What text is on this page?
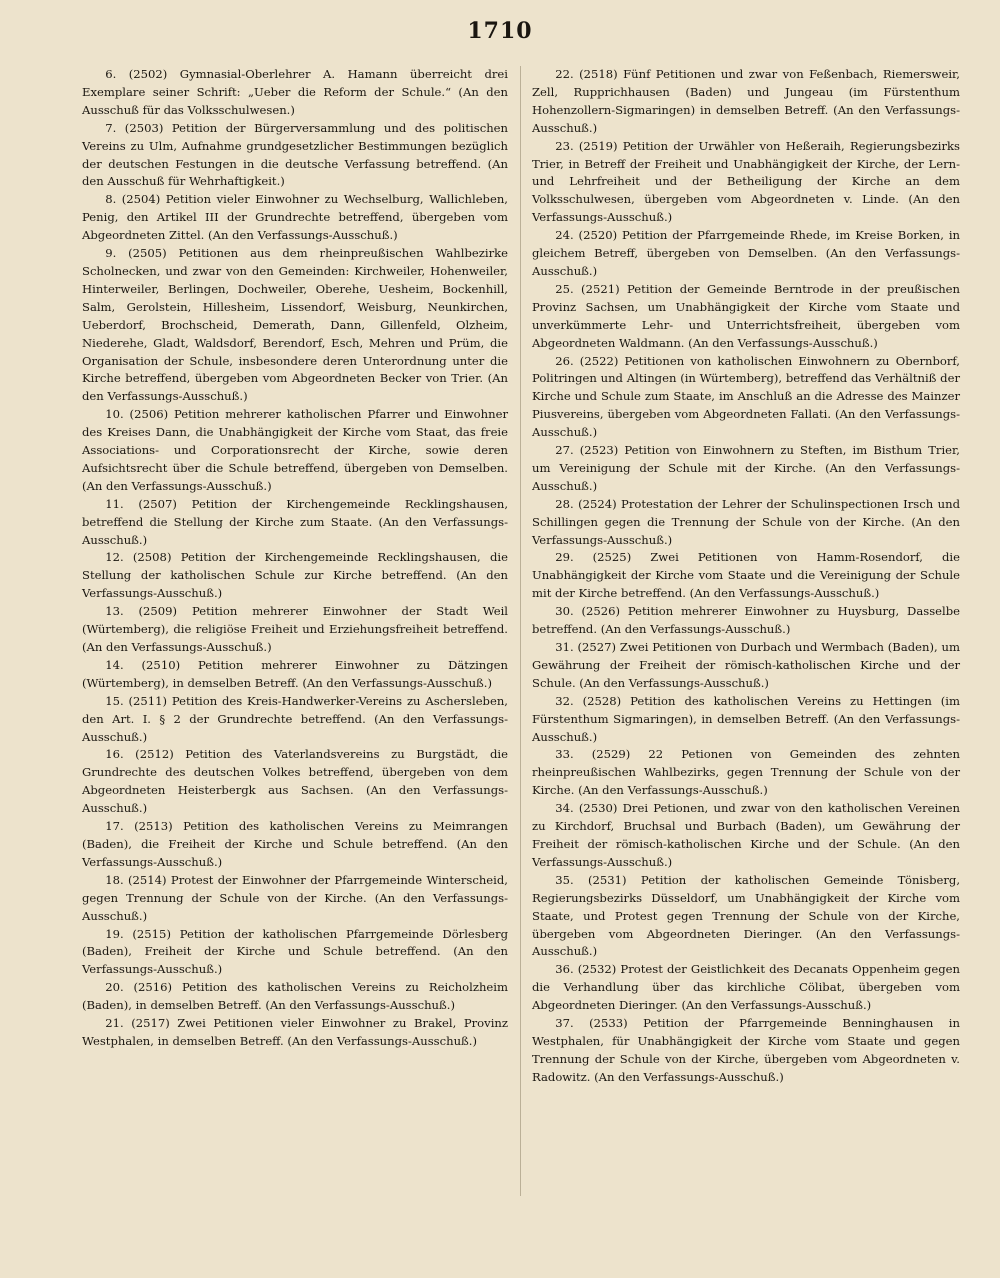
1710

6. (2502) Gymnasial-Oberlehrer A. Hamann überreicht drei Exemplare seiner Schrift: „Ueber die Reform der Schule.“ (An den Ausschuß für das Volksschulwesen.)

7. (2503) Petition der Bürgerversammlung und des politischen Vereins zu Ulm, Aufnahme grundgesetzlicher Bestimmungen bezüglich der deutschen Festungen in die deutsche Verfassung betreffend. (An den Ausschuß für Wehrhaftigkeit.)

8. (2504) Petition vieler Einwohner zu Wechselburg, Wallichleben, Penig, den Artikel III der Grundrechte betreffend, übergeben vom Abgeordneten Zittel. (An den Verfassungs-Ausschuß.)

9. (2505) Petitionen aus dem rheinpreußischen Wahlbezirke Scholnecken, und zwar von den Gemeinden: Kirchweiler, Hohenweiler, Hinterweiler, Berlingen, Dochweiler, Oberehe, Uesheim, Bockenhill, Salm, Gerolstein, Hillesheim, Lissendorf, Weisburg, Neunkirchen, Ueberdorf, Brochscheid, Demerath, Dann, Gillenfeld, Olzheim, Niederehe, Gladt, Waldsdorf, Berendorf, Esch, Mehren und Prüm, die Organisation der Schule, insbesondere deren Unterordnung unter die Kirche betreffend, übergeben vom Abgeordneten Becker von Trier. (An den Verfassungs-Ausschuß.)

10. (2506) Petition mehrerer katholischen Pfarrer und Einwohner des Kreises Dann, die Unabhängigkeit der Kirche vom Staat, das freie Associations- und Corporationsrecht der Kirche, sowie deren Aufsichtsrecht über die Schule betreffend, übergeben von Demselben. (An den Verfassungs-Ausschuß.)

11. (2507) Petition der Kirchengemeinde Recklingshausen, betreffend die Stellung der Kirche zum Staate. (An den Verfassungs-Ausschuß.)

12. (2508) Petition der Kirchengemeinde Recklingshausen, die Stellung der katholischen Schule zur Kirche betreffend. (An den Verfassungs-Ausschuß.)

13. (2509) Petition mehrerer Einwohner der Stadt Weil (Würtemberg), die religiöse Freiheit und Erziehungsfreiheit betreffend. (An den Verfassungs-Ausschuß.)

14. (2510) Petition mehrerer Einwohner zu Dätzingen (Würtemberg), in demselben Betreff. (An den Verfassungs-Ausschuß.)

15. (2511) Petition des Kreis-Handwerker-Vereins zu Aschersleben, den Art. I. § 2 der Grundrechte betreffend. (An den Verfassungs-Ausschuß.)

16. (2512) Petition des Vaterlandsvereins zu Burgstädt, die Grundrechte des deutschen Volkes betreffend, übergeben von dem Abgeordneten Heisterbergk aus Sachsen. (An den Verfassungs-Ausschuß.)

17. (2513) Petition des katholischen Vereins zu Meimrangen (Baden), die Freiheit der Kirche und Schule betreffend. (An den Verfassungs-Ausschuß.)

18. (2514) Protest der Einwohner der Pfarrgemeinde Winterscheid, gegen Trennung der Schule von der Kirche. (An den Verfassungs-Ausschuß.)

19. (2515) Petition der katholischen Pfarrgemeinde Dörlesberg (Baden), Freiheit der Kirche und Schule betreffend. (An den Verfassungs-Ausschuß.)

20. (2516) Petition des katholischen Vereins zu Reicholzheim (Baden), in demselben Betreff. (An den Verfassungs-Ausschuß.)

21. (2517) Zwei Petitionen vieler Einwohner zu Brakel, Provinz Westphalen, in demselben Betreff. (An den Verfassungs-Ausschuß.)

22. (2518) Fünf Petitionen und zwar von Feßenbach, Riemersweir, Zell, Rupprichhausen (Baden) und Jungeau (im Fürstenthum Hohenzollern-Sigmaringen) in demselben Betreff. (An den Verfassungs-Ausschuß.)

23. (2519) Petition der Urwähler von Heßeraih, Regierungsbezirks Trier, in Betreff der Freiheit und Unabhängigkeit der Kirche, der Lern- und Lehrfreiheit und der Betheiligung der Kirche an dem Volksschulwesen, übergeben vom Abgeordneten v. Linde. (An den Verfassungs-Ausschuß.)

24. (2520) Petition der Pfarrgemeinde Rhede, im Kreise Borken, in gleichem Betreff, übergeben von Demselben. (An den Verfassungs-Ausschuß.)

25. (2521) Petition der Gemeinde Berntrode in der preußischen Provinz Sachsen, um Unabhängigkeit der Kirche vom Staate und unverkümmerte Lehr- und Unterrichtsfreiheit, übergeben vom Abgeordneten Waldmann. (An den Verfassungs-Ausschuß.)

26. (2522) Petitionen von katholischen Einwohnern zu Obernborf, Politringen und Altingen (in Würtemberg), betreffend das Verhältniß der Kirche und Schule zum Staate, im Anschluß an die Adresse des Mainzer Piusvereins, übergeben vom Abgeordneten Fallati. (An den Verfassungs-Ausschuß.)

27. (2523) Petition von Einwohnern zu Steften, im Bisthum Trier, um Vereinigung der Schule mit der Kirche. (An den Verfassungs-Ausschuß.)

28. (2524) Protestation der Lehrer der Schulinspectionen Irsch und Schillingen gegen die Trennung der Schule von der Kirche. (An den Verfassungs-Ausschuß.)

29. (2525) Zwei Petitionen von Hamm-Rosendorf, die Unabhängigkeit der Kirche vom Staate und die Vereinigung der Schule mit der Kirche betreffend. (An den Verfassungs-Ausschuß.)

30. (2526) Petition mehrerer Einwohner zu Huysburg, Dasselbe betreffend. (An den Verfassungs-Ausschuß.)

31. (2527) Zwei Petitionen von Durbach und Wermbach (Baden), um Gewährung der Freiheit der römisch-katholischen Kirche und der Schule. (An den Verfassungs-Ausschuß.)

32. (2528) Petition des katholischen Vereins zu Hettingen (im Fürstenthum Sigmaringen), in demselben Betreff. (An den Verfassungs-Ausschuß.)

33. (2529) 22 Petionen von Gemeinden des zehnten rheinpreußischen Wahlbezirks, gegen Trennung der Schule von der Kirche. (An den Verfassungs-Ausschuß.)

34. (2530) Drei Petionen, und zwar von den katholischen Vereinen zu Kirchdorf, Bruchsal und Burbach (Baden), um Gewährung der Freiheit der römisch-katholischen Kirche und der Schule. (An den Verfassungs-Ausschuß.)

35. (2531) Petition der katholischen Gemeinde Tönisberg, Regierungsbezirks Düsseldorf, um Unabhängigkeit der Kirche vom Staate, und Protest gegen Trennung der Schule von der Kirche, übergeben vom Abgeordneten Dieringer. (An den Verfassungs-Ausschuß.)

36. (2532) Protest der Geistlichkeit des Decanats Oppenheim gegen die Verhandlung über das kirchliche Cölibat, übergeben vom Abgeordneten Dieringer. (An den Verfassungs-Ausschuß.)

37. (2533) Petition der Pfarrgemeinde Benninghausen in Westphalen, für Unabhängigkeit der Kirche vom Staate und gegen Trennung der Schule von der Kirche, übergeben vom Abgeordneten v. Radowitz. (An den Verfassungs-Ausschuß.)
